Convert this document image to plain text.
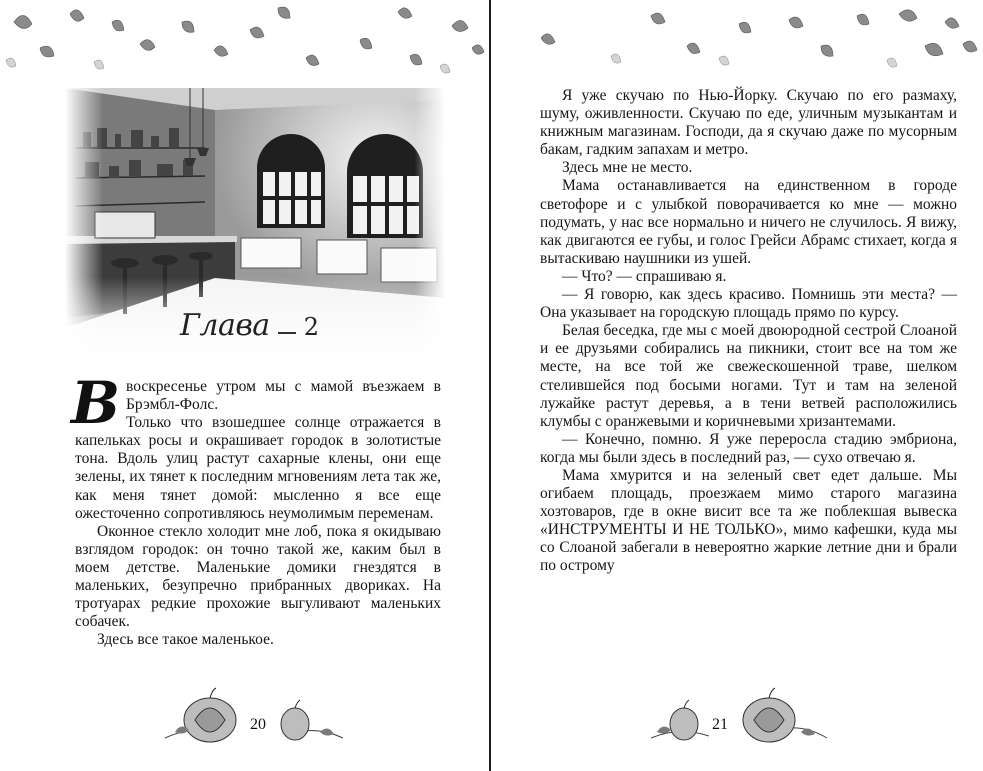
Глава 2

Ввоскресенье утром мы с мамой въезжаем в Брэмбл-Фолс.

Только что взошедшее солнце отражается в капельках росы и окрашивает городок в золотистые тона. Вдоль улиц растут сахарные клены, они еще зелены, их тянет к последним мгновениям лета так же, как меня тянет домой: мысленно я все еще ожесточенно сопротивляюсь неумолимым переменам.

Оконное стекло холодит мне лоб, пока я окидываю взглядом городок: он точно такой же, каким был в моем детстве. Маленькие домики гнездятся в маленьких, безупречно прибранных двориках. На тротуарах редкие прохожие выгуливают маленьких собачек.

Здесь все такое маленькое.

20

Я уже скучаю по Нью-Йорку. Скучаю по его размаху, шуму, оживленности. Скучаю по еде, уличным музыкантам и книжным магазинам. Господи, да я скучаю даже по мусорным бакам, гадким запахам и метро.

Здесь мне не место.

Мама останавливается на единственном в городе светофоре и с улыбкой поворачивается ко мне — можно подумать, у нас все нормально и ничего не случилось. Я вижу, как двигаются ее губы, и голос Грейси Абрамс стихает, когда я вытаскиваю наушники из ушей.

— Что? — спрашиваю я.

— Я говорю, как здесь красиво. Помнишь эти места? — Она указывает на городскую площадь прямо по курсу.

Белая беседка, где мы с моей двоюродной сестрой Слоаной и ее друзьями собирались на пикники, стоит все на том же месте, на все той же свежескошенной траве, шелком стелившейся под босыми ногами. Тут и там на зеленой лужайке растут деревья, а в тени ветвей расположились клумбы с оранжевыми и коричневыми хризантемами.

— Конечно, помню. Я уже переросла стадию эмбриона, когда мы были здесь в последний раз, — сухо отвечаю я.

Мама хмурится и на зеленый свет едет дальше. Мы огибаем площадь, проезжаем мимо старого магазина хозтоваров, где в окне висит все та же поблекшая вывеска «ИНСТРУМЕНТЫ И НЕ ТОЛЬКО», мимо кафешки, куда мы со Слоаной забегали в невероятно жаркие летние дни и брали по острому

21
